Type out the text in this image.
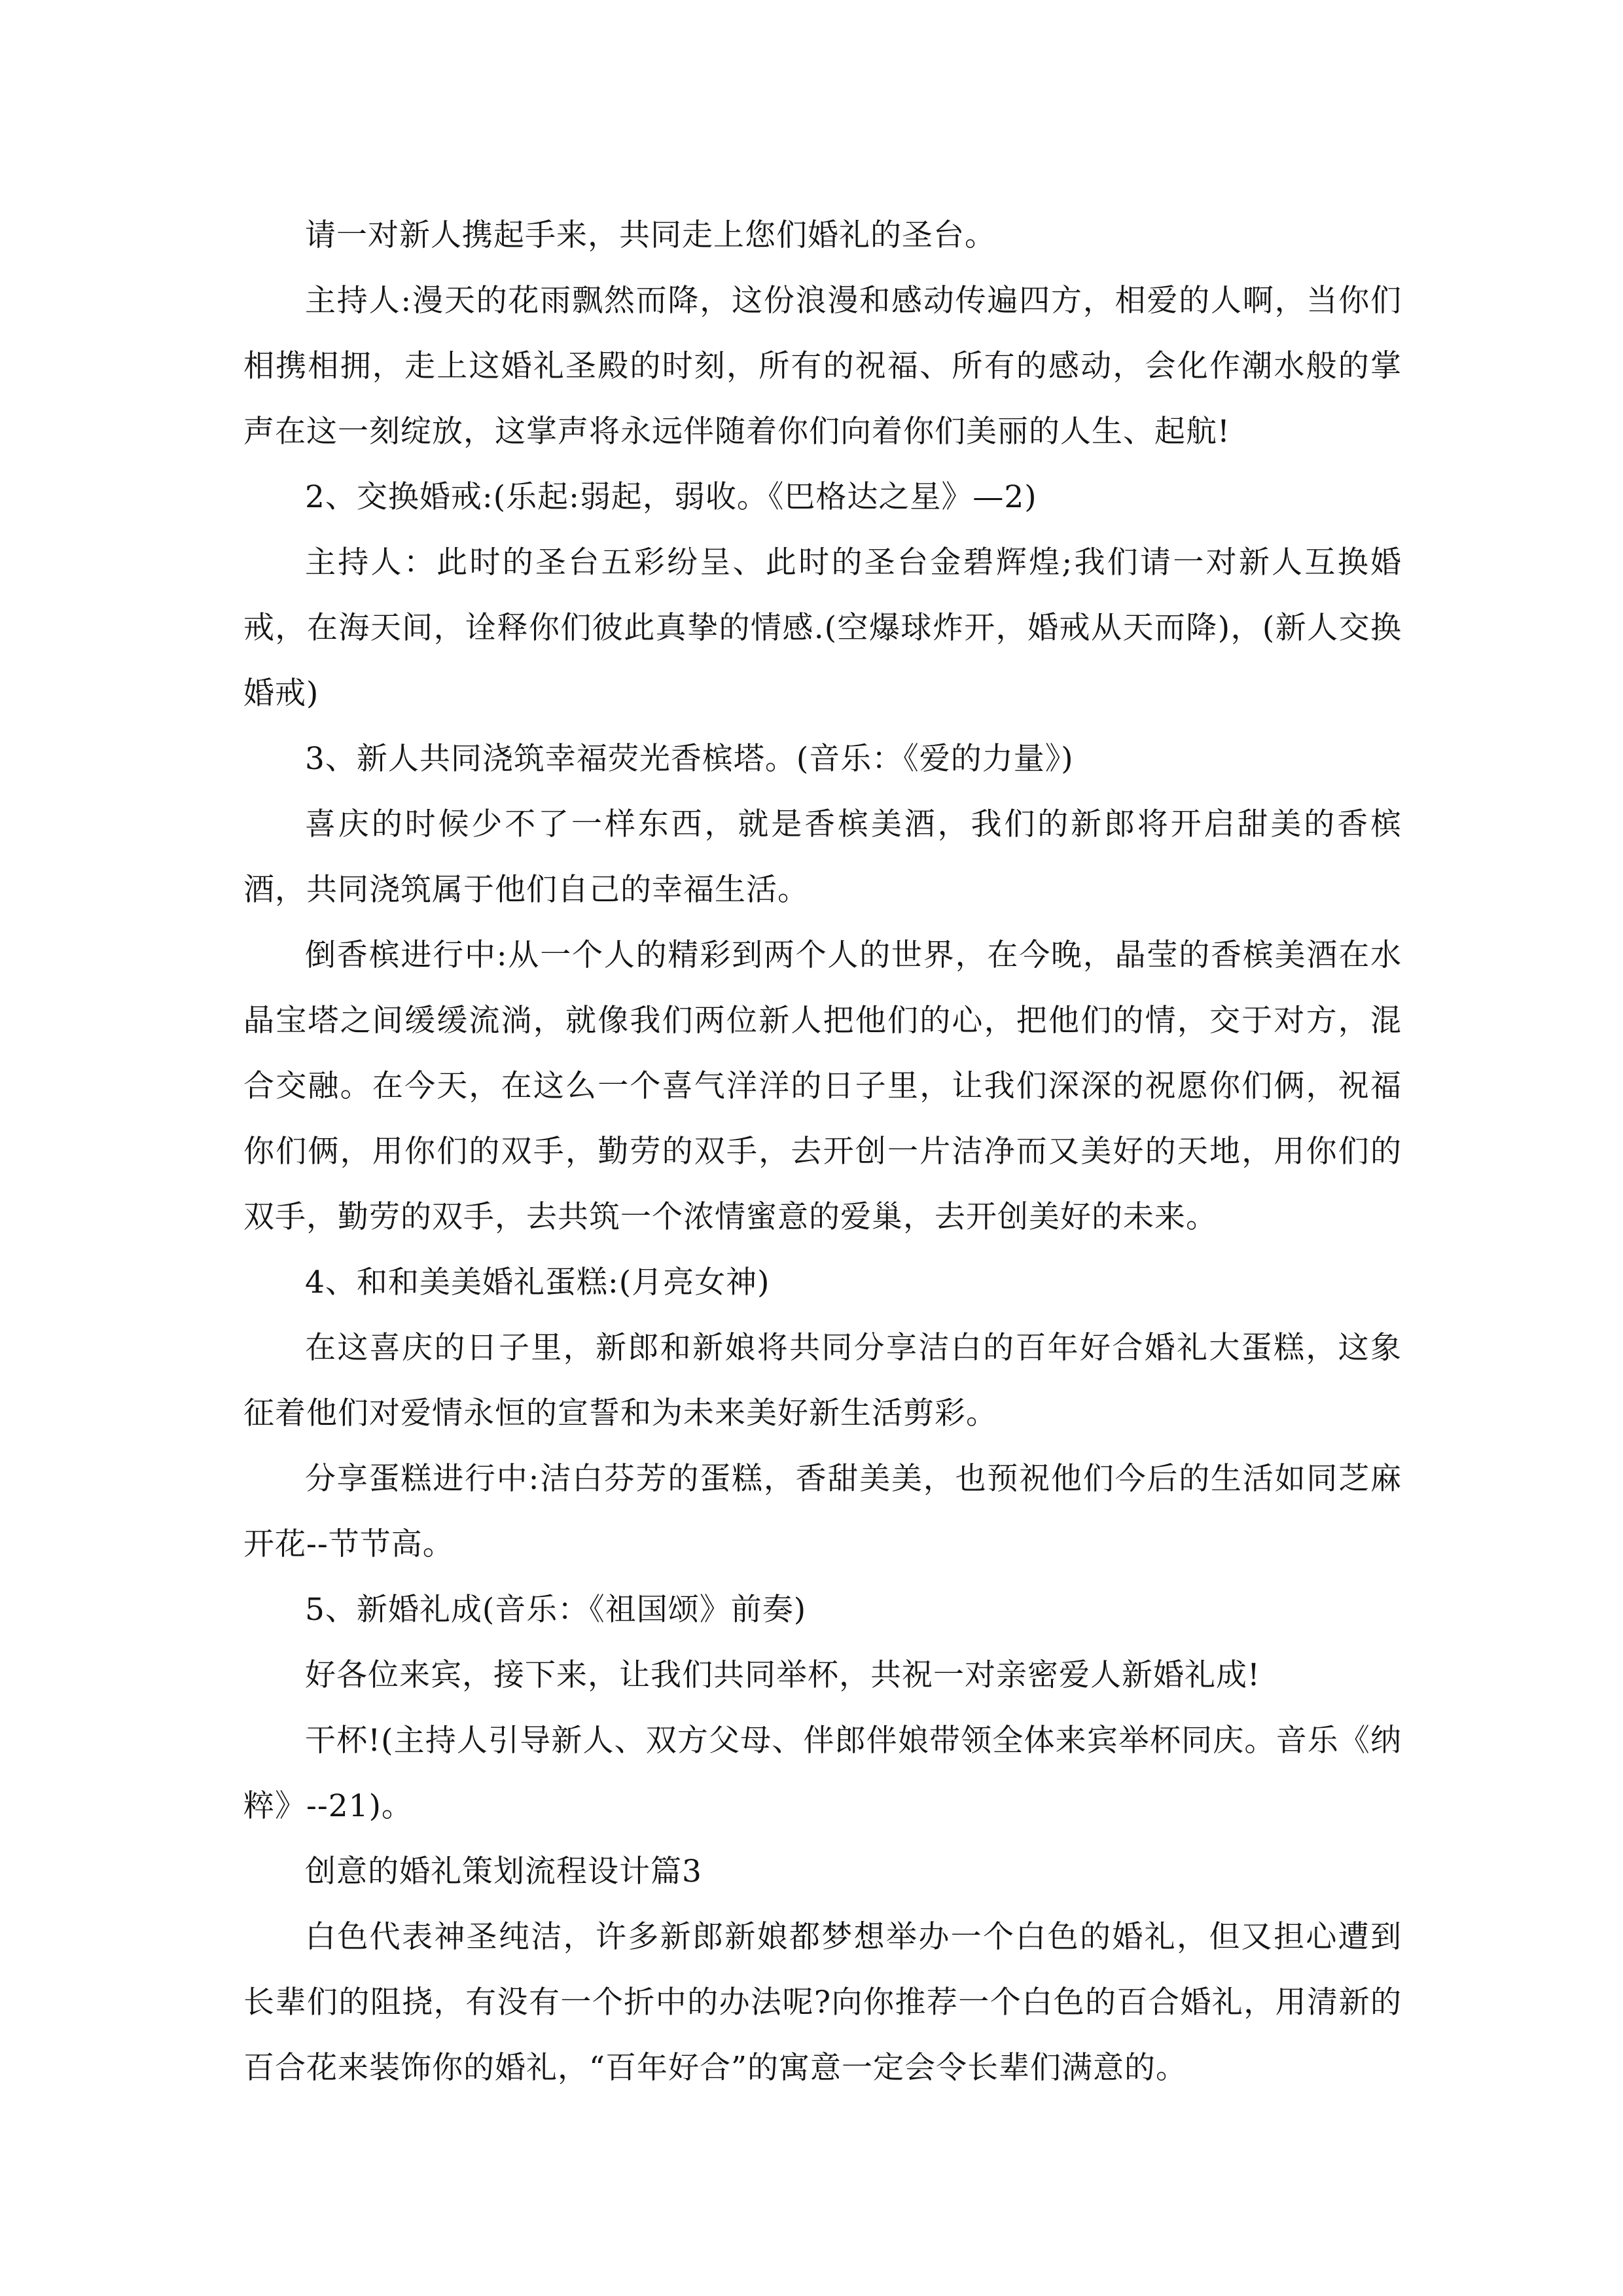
请一对新人携起手来，共同走上您们婚礼的圣台。

主持人:漫天的花雨飘然而降，这份浪漫和感动传遍四方，相爱的人啊，当你们相携相拥，走上这婚礼圣殿的时刻，所有的祝福、所有的感动，会化作潮水般的掌声在这一刻绽放，这掌声将永远伴随着你们向着你们美丽的人生、起航!

2、交换婚戒:(乐起:弱起，弱收。《巴格达之星》—2)

主持人：此时的圣台五彩纷呈、此时的圣台金碧辉煌;我们请一对新人互换婚戒，在海天间，诠释你们彼此真挚的情感.(空爆球炸开，婚戒从天而降)，(新人交换婚戒)

3、新人共同浇筑幸福荧光香槟塔。(音乐：《爱的力量》)

喜庆的时候少不了一样东西，就是香槟美酒，我们的新郎将开启甜美的香槟酒，共同浇筑属于他们自己的幸福生活。

倒香槟进行中:从一个人的精彩到两个人的世界，在今晚，晶莹的香槟美酒在水晶宝塔之间缓缓流淌，就像我们两位新人把他们的心，把他们的情，交于对方，混合交融。在今天，在这么一个喜气洋洋的日子里，让我们深深的祝愿你们俩，祝福你们俩，用你们的双手，勤劳的双手，去开创一片洁净而又美好的天地，用你们的双手，勤劳的双手，去共筑一个浓情蜜意的爱巢，去开创美好的未来。

4、和和美美婚礼蛋糕:(月亮女神)

在这喜庆的日子里，新郎和新娘将共同分享洁白的百年好合婚礼大蛋糕，这象征着他们对爱情永恒的宣誓和为未来美好新生活剪彩。

分享蛋糕进行中:洁白芬芳的蛋糕，香甜美美，也预祝他们今后的生活如同芝麻开花--节节高。

5、新婚礼成(音乐：《祖国颂》前奏)

好各位来宾，接下来，让我们共同举杯，共祝一对亲密爱人新婚礼成!

干杯!(主持人引导新人、双方父母、伴郎伴娘带领全体来宾举杯同庆。音乐《纳粹》--21)。

创意的婚礼策划流程设计篇3

白色代表神圣纯洁，许多新郎新娘都梦想举办一个白色的婚礼，但又担心遭到长辈们的阻挠，有没有一个折中的办法呢?向你推荐一个白色的百合婚礼，用清新的百合花来装饰你的婚礼，“百年好合”的寓意一定会令长辈们满意的。
